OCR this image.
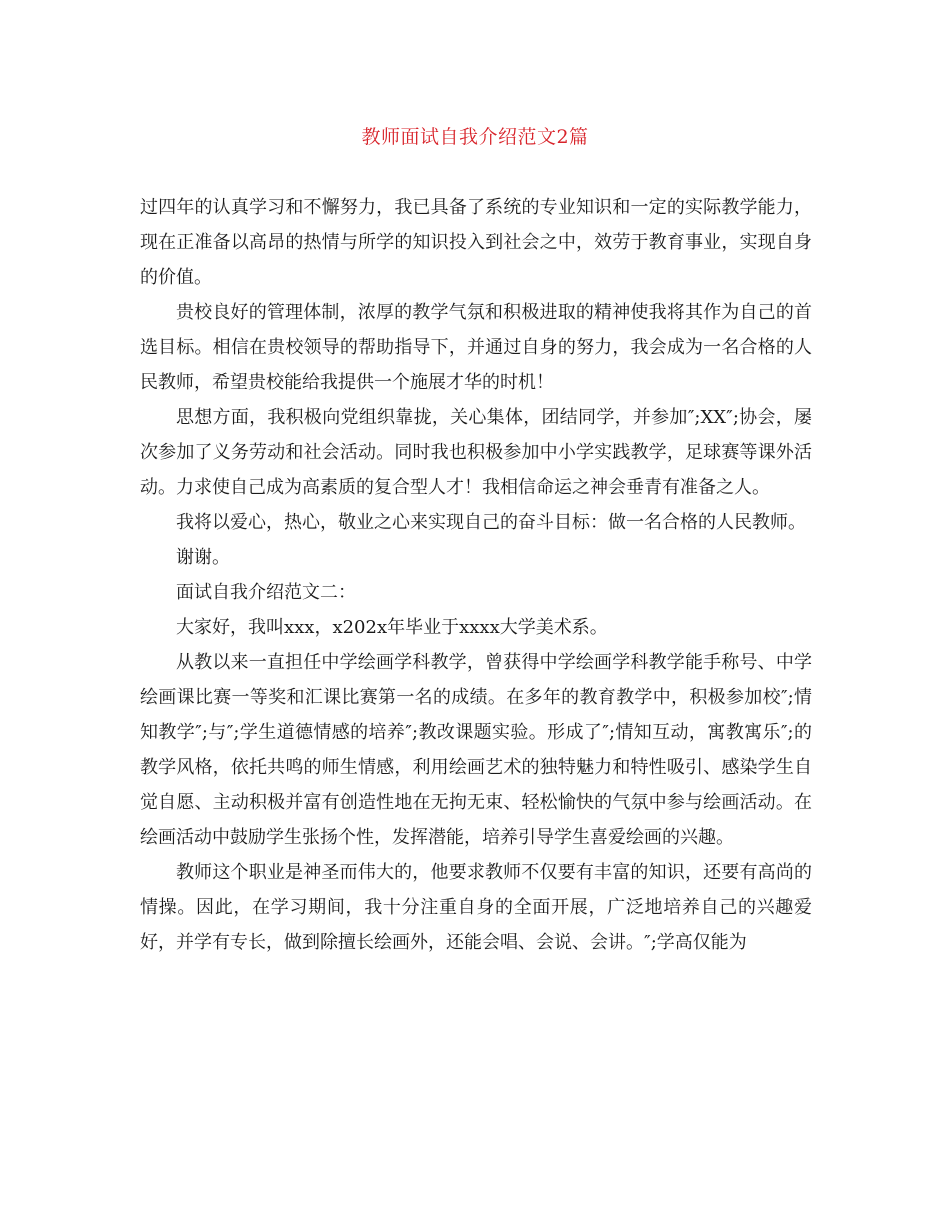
教师面试自我介绍范文2篇

过四年的认真学习和不懈努力，我已具备了系统的专业知识和一定的实际教学能力，现在正准备以高昂的热情与所学的知识投入到社会之中，效劳于教育事业，实现自身的价值。

贵校良好的管理体制，浓厚的教学气氛和积极进取的精神使我将其作为自己的首选目标。相信在贵校领导的帮助指导下，并通过自身的努力，我会成为一名合格的人民教师，希望贵校能给我提供一个施展才华的时机！

思想方面，我积极向党组织靠拢，关心集体，团结同学，并参加″;XX″;协会，屡次参加了义务劳动和社会活动。同时我也积极参加中小学实践教学，足球赛等课外活动。力求使自己成为高素质的复合型人才！我相信命运之神会垂青有准备之人。

我将以爱心，热心，敬业之心来实现自己的奋斗目标：做一名合格的人民教师。

谢谢。

面试自我介绍范文二：

大家好，我叫xxx，x202x年毕业于xxxx大学美术系。

从教以来一直担任中学绘画学科教学，曾获得中学绘画学科教学能手称号、中学绘画课比赛一等奖和汇课比赛第一名的成绩。在多年的教育教学中，积极参加校″;情知教学″;与″;学生道德情感的培养″;教改课题实验。形成了″;情知互动，寓教寓乐″;的教学风格，依托共鸣的师生情感，利用绘画艺术的独特魅力和特性吸引、感染学生自觉自愿、主动积极并富有创造性地在无拘无束、轻松愉快的气氛中参与绘画活动。在绘画活动中鼓励学生张扬个性，发挥潜能，培养引导学生喜爱绘画的兴趣。

教师这个职业是神圣而伟大的，他要求教师不仅要有丰富的知识，还要有高尚的情操。因此，在学习期间，我十分注重自身的全面开展，广泛地培养自己的兴趣爱好，并学有专长，做到除擅长绘画外，还能会唱、会说、会讲。″;学高仅能为
